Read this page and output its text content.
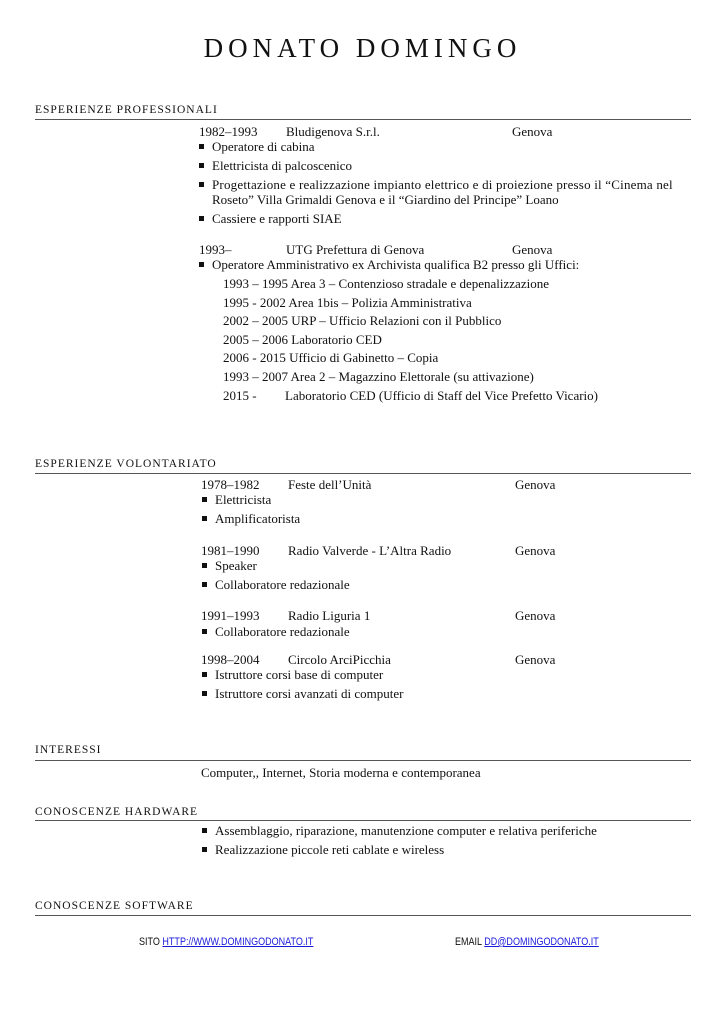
DONATO DOMINGO
ESPERIENZE PROFESSIONALI
1982–1993 Bludigenova S.r.l.	Genova
Operatore di cabina
Elettricista di palcoscenico
Progettazione e realizzazione impianto elettrico e di proiezione presso il “Cinema nel
Roseto” Villa Grimaldi Genova e il “Giardino del Principe” Loano
Cassiere e rapporti SIAE
1993–	UTG Prefettura di Genova	Genova
Operatore Amministrativo ex Archivista qualifica B2 presso gli Uffici:
1993 – 1995 Area 3 – Contenzioso stradale e depenalizzazione
1995 - 2002 Area 1bis – Polizia Amministrativa
2002 – 2005 URP – Ufficio Relazioni con il Pubblico
2005 – 2006 Laboratorio CED
2006 - 2015 Ufficio di Gabinetto – Copia
1993 – 2007 Area 2 – Magazzino Elettorale (su attivazione)
2015 - Laboratorio CED (Ufficio di Staff del Vice Prefetto Vicario)
ESPERIENZE VOLONTARIATO
1978–1982 Feste dell’Unità	Genova
Elettricista
Amplificatorista
1981–1990 Radio Valverde - L’Altra Radio	Genova
Speaker
Collaboratore redazionale
1991–1993 Radio Liguria 1	Genova
Collaboratore redazionale
1998–2004 Circolo ArciPicchia	Genova
Istruttore corsi base di computer
Istruttore corsi avanzati di computer
INTERESSI
Computer,, Internet, Storia moderna e contemporanea
CONOSCENZE HARDWARE
Assemblaggio, riparazione, manutenzione computer e relativa periferiche
Realizzazione piccole reti cablate e wireless
CONOSCENZE SOFTWARE
SITO HTTP://WWW.DOMINGODONATO.IT	EMAIL DD@DOMINGODONATO.IT
